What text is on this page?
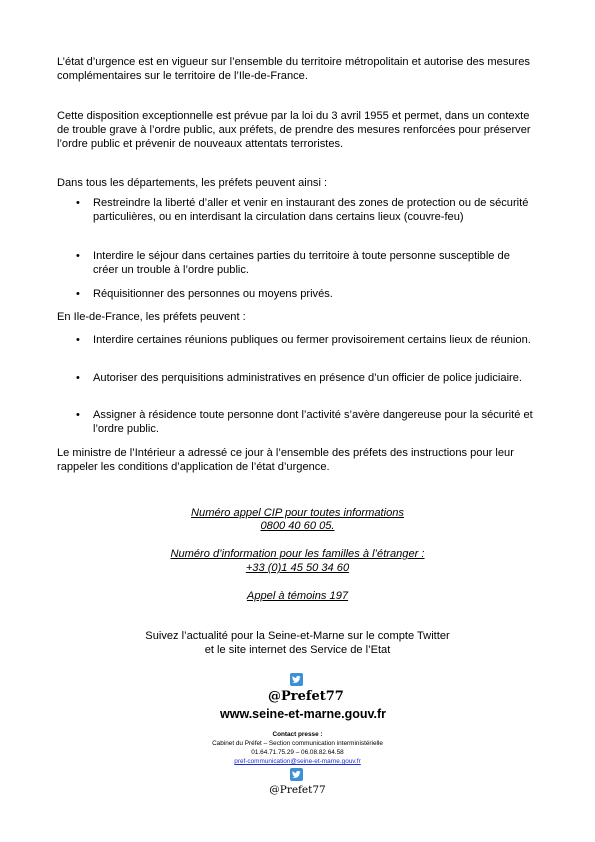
L’état d’urgence est en vigueur sur l’ensemble du territoire métropolitain et autorise des mesures complémentaires sur le territoire de l’Ile-de-France.

Cette disposition exceptionnelle est prévue par la loi du 3 avril 1955 et permet, dans un contexte de trouble grave à l’ordre public, aux préfets, de prendre des mesures renforcées pour préserver l’ordre public et prévenir de nouveaux attentats terroristes.

Dans tous les départements, les préfets peuvent ainsi :

• Restreindre la liberté d’aller et venir en instaurant des zones de protection ou de sécurité particulières, ou en interdisant la circulation dans certains lieux (couvre-feu)

• Interdire le séjour dans certaines parties du territoire à toute personne susceptible de créer un trouble à l’ordre public.

• Réquisitionner des personnes ou moyens privés.

En Ile-de-France, les préfets peuvent :

• Interdire certaines réunions publiques ou fermer provisoirement certains lieux de réunion.

• Autoriser des perquisitions administratives en présence d’un officier de police judiciaire.

• Assigner à résidence toute personne dont l’activité s’avère dangereuse pour la sécurité et l’ordre public.

Le ministre de l’Intérieur a adressé ce jour à l’ensemble des préfets des instructions pour leur rappeler les conditions d’application de l’état d’urgence.

Numéro appel CIP pour toutes informations
0800 40 60 05.
Numéro d’information pour les familles à l’étranger :
+33 (0)1 45 50 34 60
Appel à témoins 197
Suivez l’actualité pour la Seine-et-Marne sur le compte Twitter
et le site internet des Service de l’Etat
@Prefet77
www.seine-et-marne.gouv.fr
Contact presse :
Cabinet du Préfet – Section communication interministérielle
01.64.71.75.29 – 06.08.82.64.58
pref-communication@seine-et-marne.gouv.fr
@Prefet77
